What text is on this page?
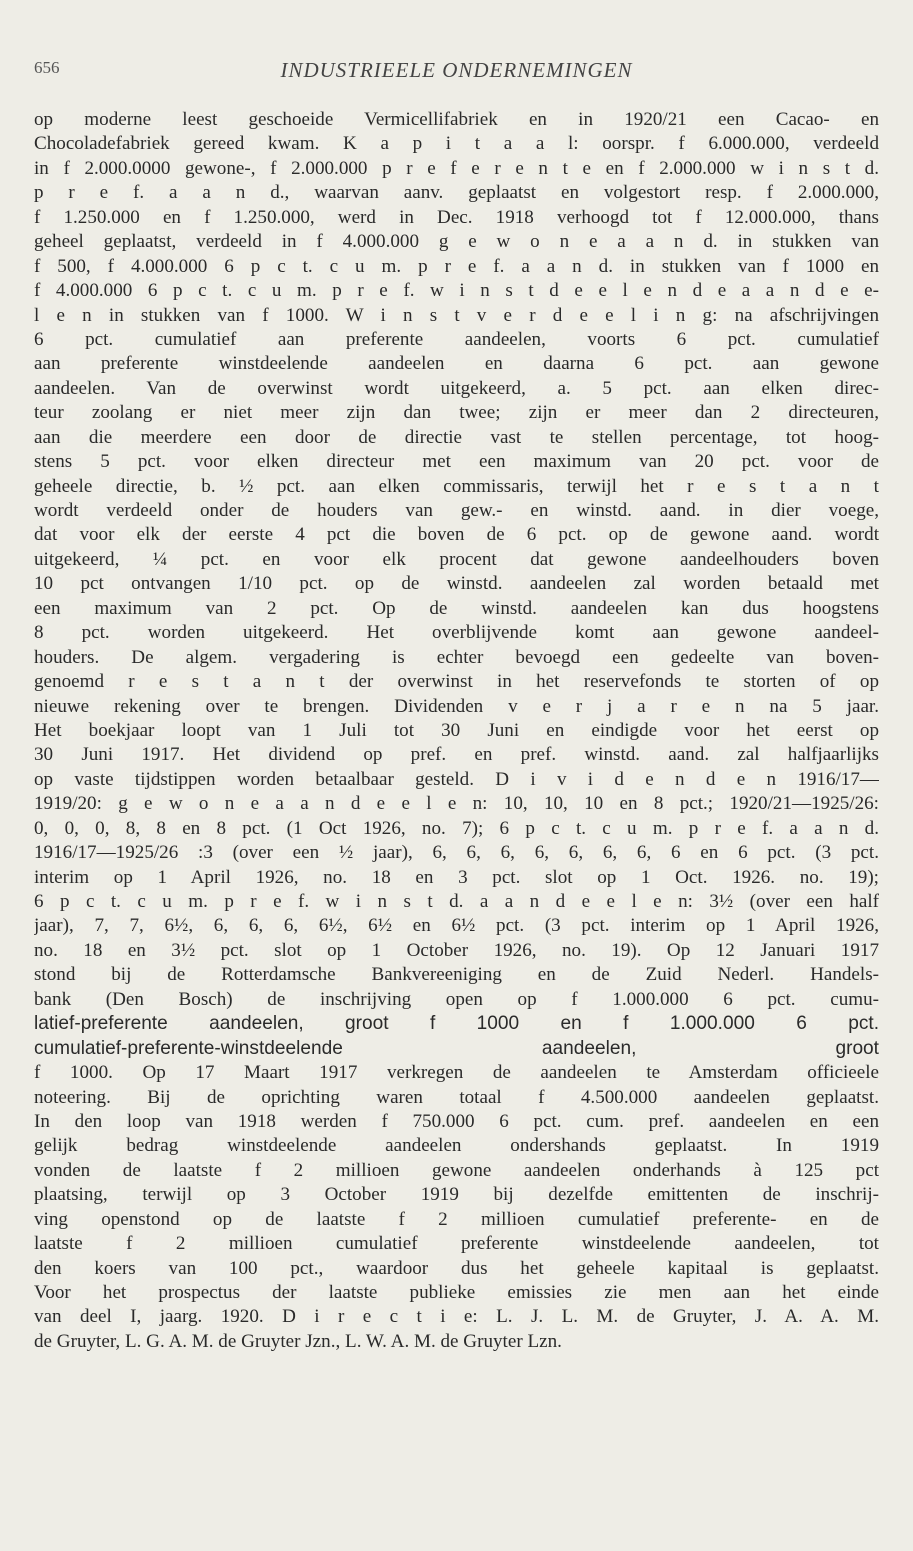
656	INDUSTRIEELE ONDERNEMINGEN
op moderne leest geschoeide Vermicellifabriek en in 1920/21 een Cacao- en
Chocoladefabriek gereed kwam. K a p i t a a l: oorspr. f 6.000.000, verdeeld
in f 2.000.0000 gewone-, f 2.000.000 p r e f e r e n t e en f 2.000.000 w i n s t d.
p r e f. a a n d., waarvan aanv. geplaatst en volgestort resp. f 2.000.000,
f 1.250.000 en f 1.250.000, werd in Dec. 1918 verhoogd tot f 12.000.000, thans
geheel geplaatst, verdeeld in f 4.000.000 g e w o n e a a n d. in stukken van
f 500, f 4.000.000 6 p c t. c u m. p r e f. a a n d. in stukken van f 1000 en
f 4.000.000 6 p c t. c u m. p r e f. w i n s t d e e l e n d e a a n d e e-
l e n in stukken van f 1000. W i n s t v e r d e e l i n g: na afschrijvingen
6 pct. cumulatief aan preferente aandeelen, voorts 6 pct. cumulatief
aan preferente winstdeelende aandeelen en daarna 6 pct. aan gewone
aandeelen. Van de overwinst wordt uitgekeerd, a. 5 pct. aan elken direc-
teur zoolang er niet meer zijn dan twee; zijn er meer dan 2 directeuren,
aan die meerdere een door de directie vast te stellen percentage, tot hoog-
stens 5 pct. voor elken directeur met een maximum van 20 pct. voor de
geheele directie, b. ½ pct. aan elken commissaris, terwijl het r e s t a n t
wordt verdeeld onder de houders van gew.- en winstd. aand. in dier voege,
dat voor elk der eerste 4 pct die boven de 6 pct. op de gewone aand. wordt
uitgekeerd, ¼ pct. en voor elk procent dat gewone aandeelhouders boven
10 pct ontvangen 1/10 pct. op de winstd. aandeelen zal worden betaald met
een maximum van 2 pct. Op de winstd. aandeelen kan dus hoogstens
8 pct. worden uitgekeerd. Het overblijvende komt aan gewone aandeel-
houders. De algem. vergadering is echter bevoegd een gedeelte van boven-
genoemd r e s t a n t der overwinst in het reservefonds te storten of op
nieuwe rekening over te brengen. Dividenden v e r j a r e n na 5 jaar.
Het boekjaar loopt van 1 Juli tot 30 Juni en eindigde voor het eerst op
30 Juni 1917. Het dividend op pref. en pref. winstd. aand. zal halfjaarlijks
op vaste tijdstippen worden betaalbaar gesteld. D i v i d e n d e n 1916/17—
1919/20: g e w o n e a a n d e e l e n: 10, 10, 10 en 8 pct.; 1920/21—1925/26:
0, 0, 0, 8, 8 en 8 pct. (1 Oct 1926, no. 7); 6 p c t. c u m. p r e f. a a n d.
1916/17—1925/26 :3 (over een ½ jaar), 6, 6, 6, 6, 6, 6, 6, 6 en 6 pct. (3 pct.
interim op 1 April 1926, no. 18 en 3 pct. slot op 1 Oct. 1926. no. 19);
6 p c t. c u m. p r e f. w i n s t d. a a n d e e l e n: 3½ (over een half
jaar), 7, 7, 6½, 6, 6, 6, 6½, 6½ en 6½ pct. (3 pct. interim op 1 April 1926,
no. 18 en 3½ pct. slot op 1 October 1926, no. 19). Op 12 Januari 1917
stond bij de Rotterdamsche Bankvereeniging en de Zuid Nederl. Handels-
bank (Den Bosch) de inschrijving open op f 1.000.000 6 pct. cumu-
latief-preferente aandeelen, groot f 1000 en f 1.000.000 6 pct.
cumulatief-preferente-winstdeelende aandeelen, groot
f 1000. Op 17 Maart 1917 verkregen de aandeelen te Amsterdam officieele
noteering. Bij de oprichting waren totaal f 4.500.000 aandeelen geplaatst.
In den loop van 1918 werden f 750.000 6 pct. cum. pref. aandeelen en een
gelijk bedrag winstdeelende aandeelen ondershands geplaatst. In 1919
vonden de laatste f 2 millioen gewone aandeelen onderhands à 125 pct
plaatsing, terwijl op 3 October 1919 bij dezelfde emittenten de inschrij-
ving openstond op de laatste f 2 millioen cumulatief preferente- en de
laatste f 2 millioen cumulatief preferente winstdeelende aandeelen, tot
den koers van 100 pct., waardoor dus het geheele kapitaal is geplaatst.
Voor het prospectus der laatste publieke emissies zie men aan het einde
van deel I, jaarg. 1920. D i r e c t i e: L. J. L. M. de Gruyter, J. A. A. M.
de Gruyter, L. G. A. M. de Gruyter Jzn., L. W. A. M. de Gruyter Lzn.
